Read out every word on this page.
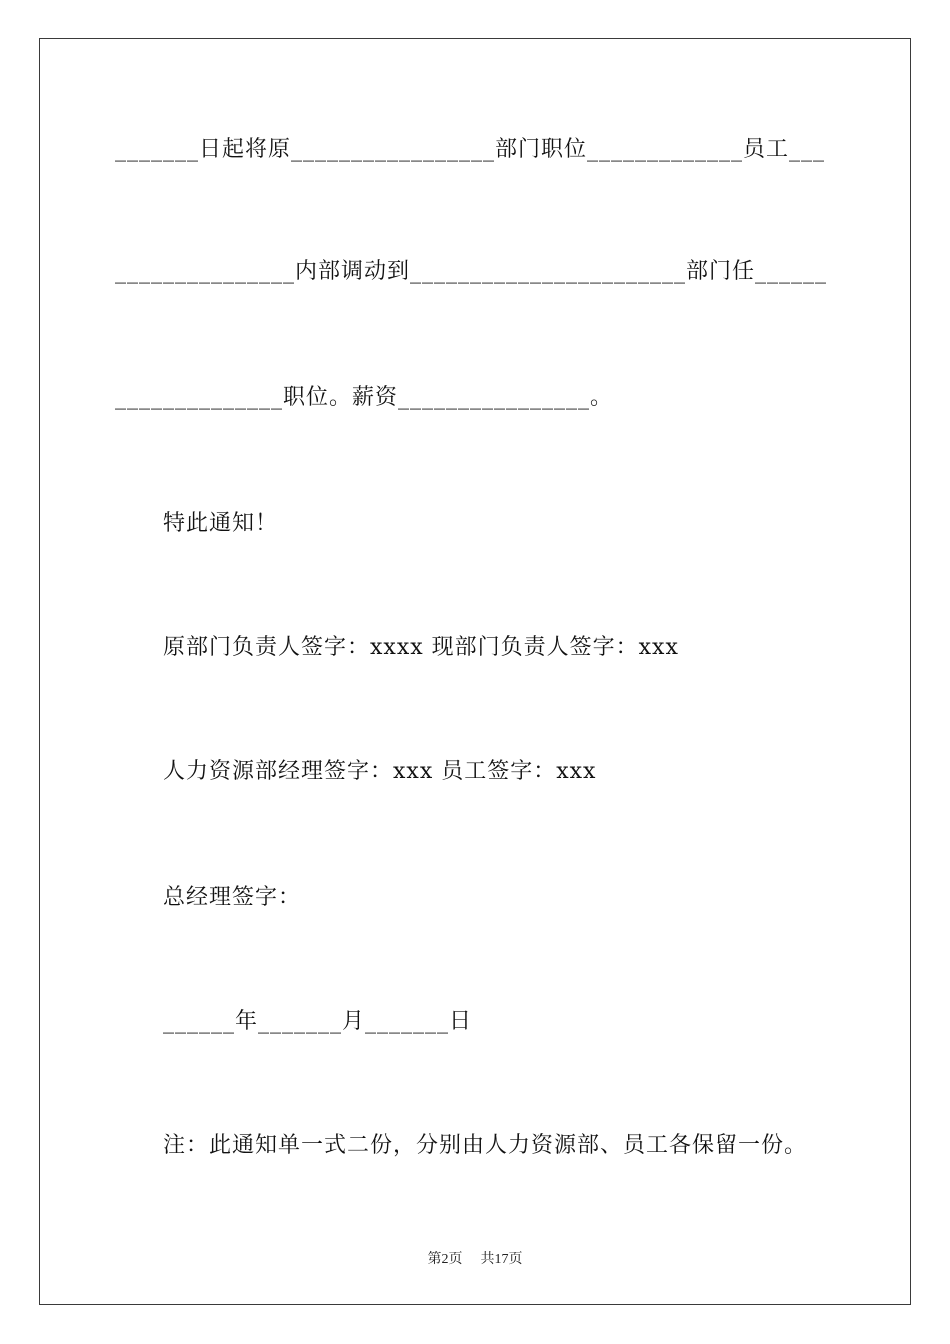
_______日起将原_________________部门职位_____________员工___
_______________内部调动到_______________________部门任______
______________职位。薪资________________。
特此通知！
原部门负责人签字：xxxx 现部门负责人签字：xxx
人力资源部经理签字：xxx 员工签字：xxx
总经理签字：
______年_______月_______日
注：此通知单一式二份，分别由人力资源部、员工各保留一份。
第2页 共17页
